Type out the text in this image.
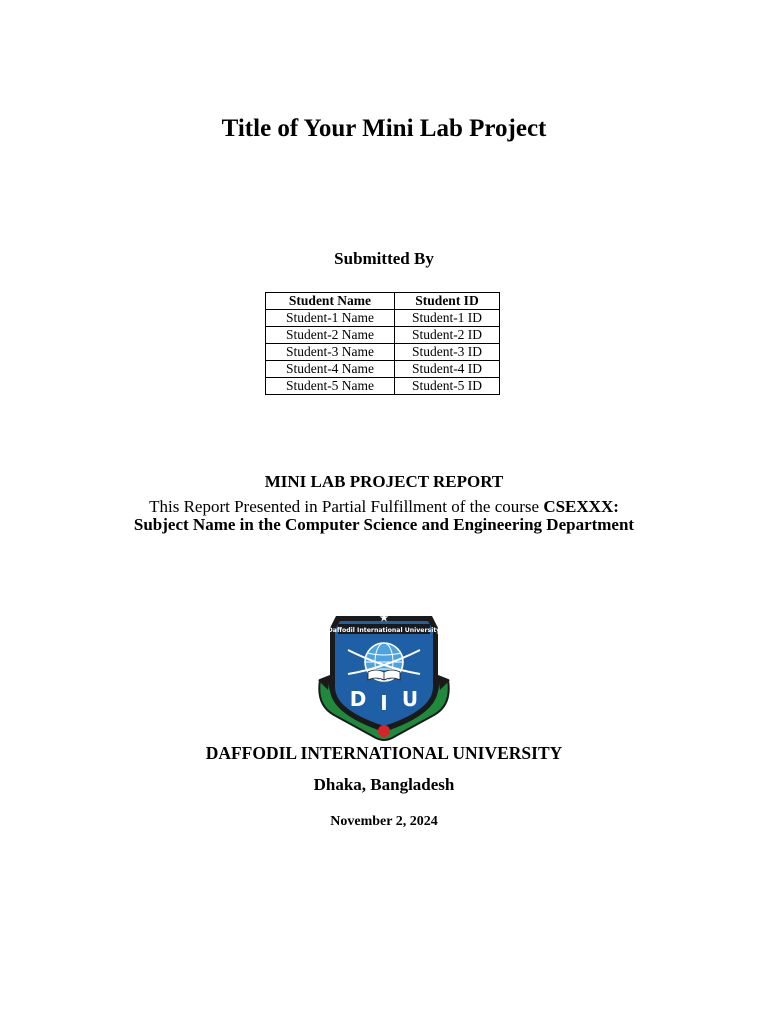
Title of Your Mini Lab Project
Submitted By
Student Name	Student ID
Student-1 Name	Student-1 ID
Student-2 Name	Student-2 ID
Student-3 Name	Student-3 ID
Student-4 Name	Student-4 ID
Student-5 Name	Student-5 ID
MINI LAB PROJECT REPORT
This Report Presented in Partial Fulfillment of the course CSEXXX:
Subject Name in the Computer Science and Engineering Department
Daffodil International University
D I U
DAFFODIL INTERNATIONAL UNIVERSITY
Dhaka, Bangladesh
November 2, 2024
